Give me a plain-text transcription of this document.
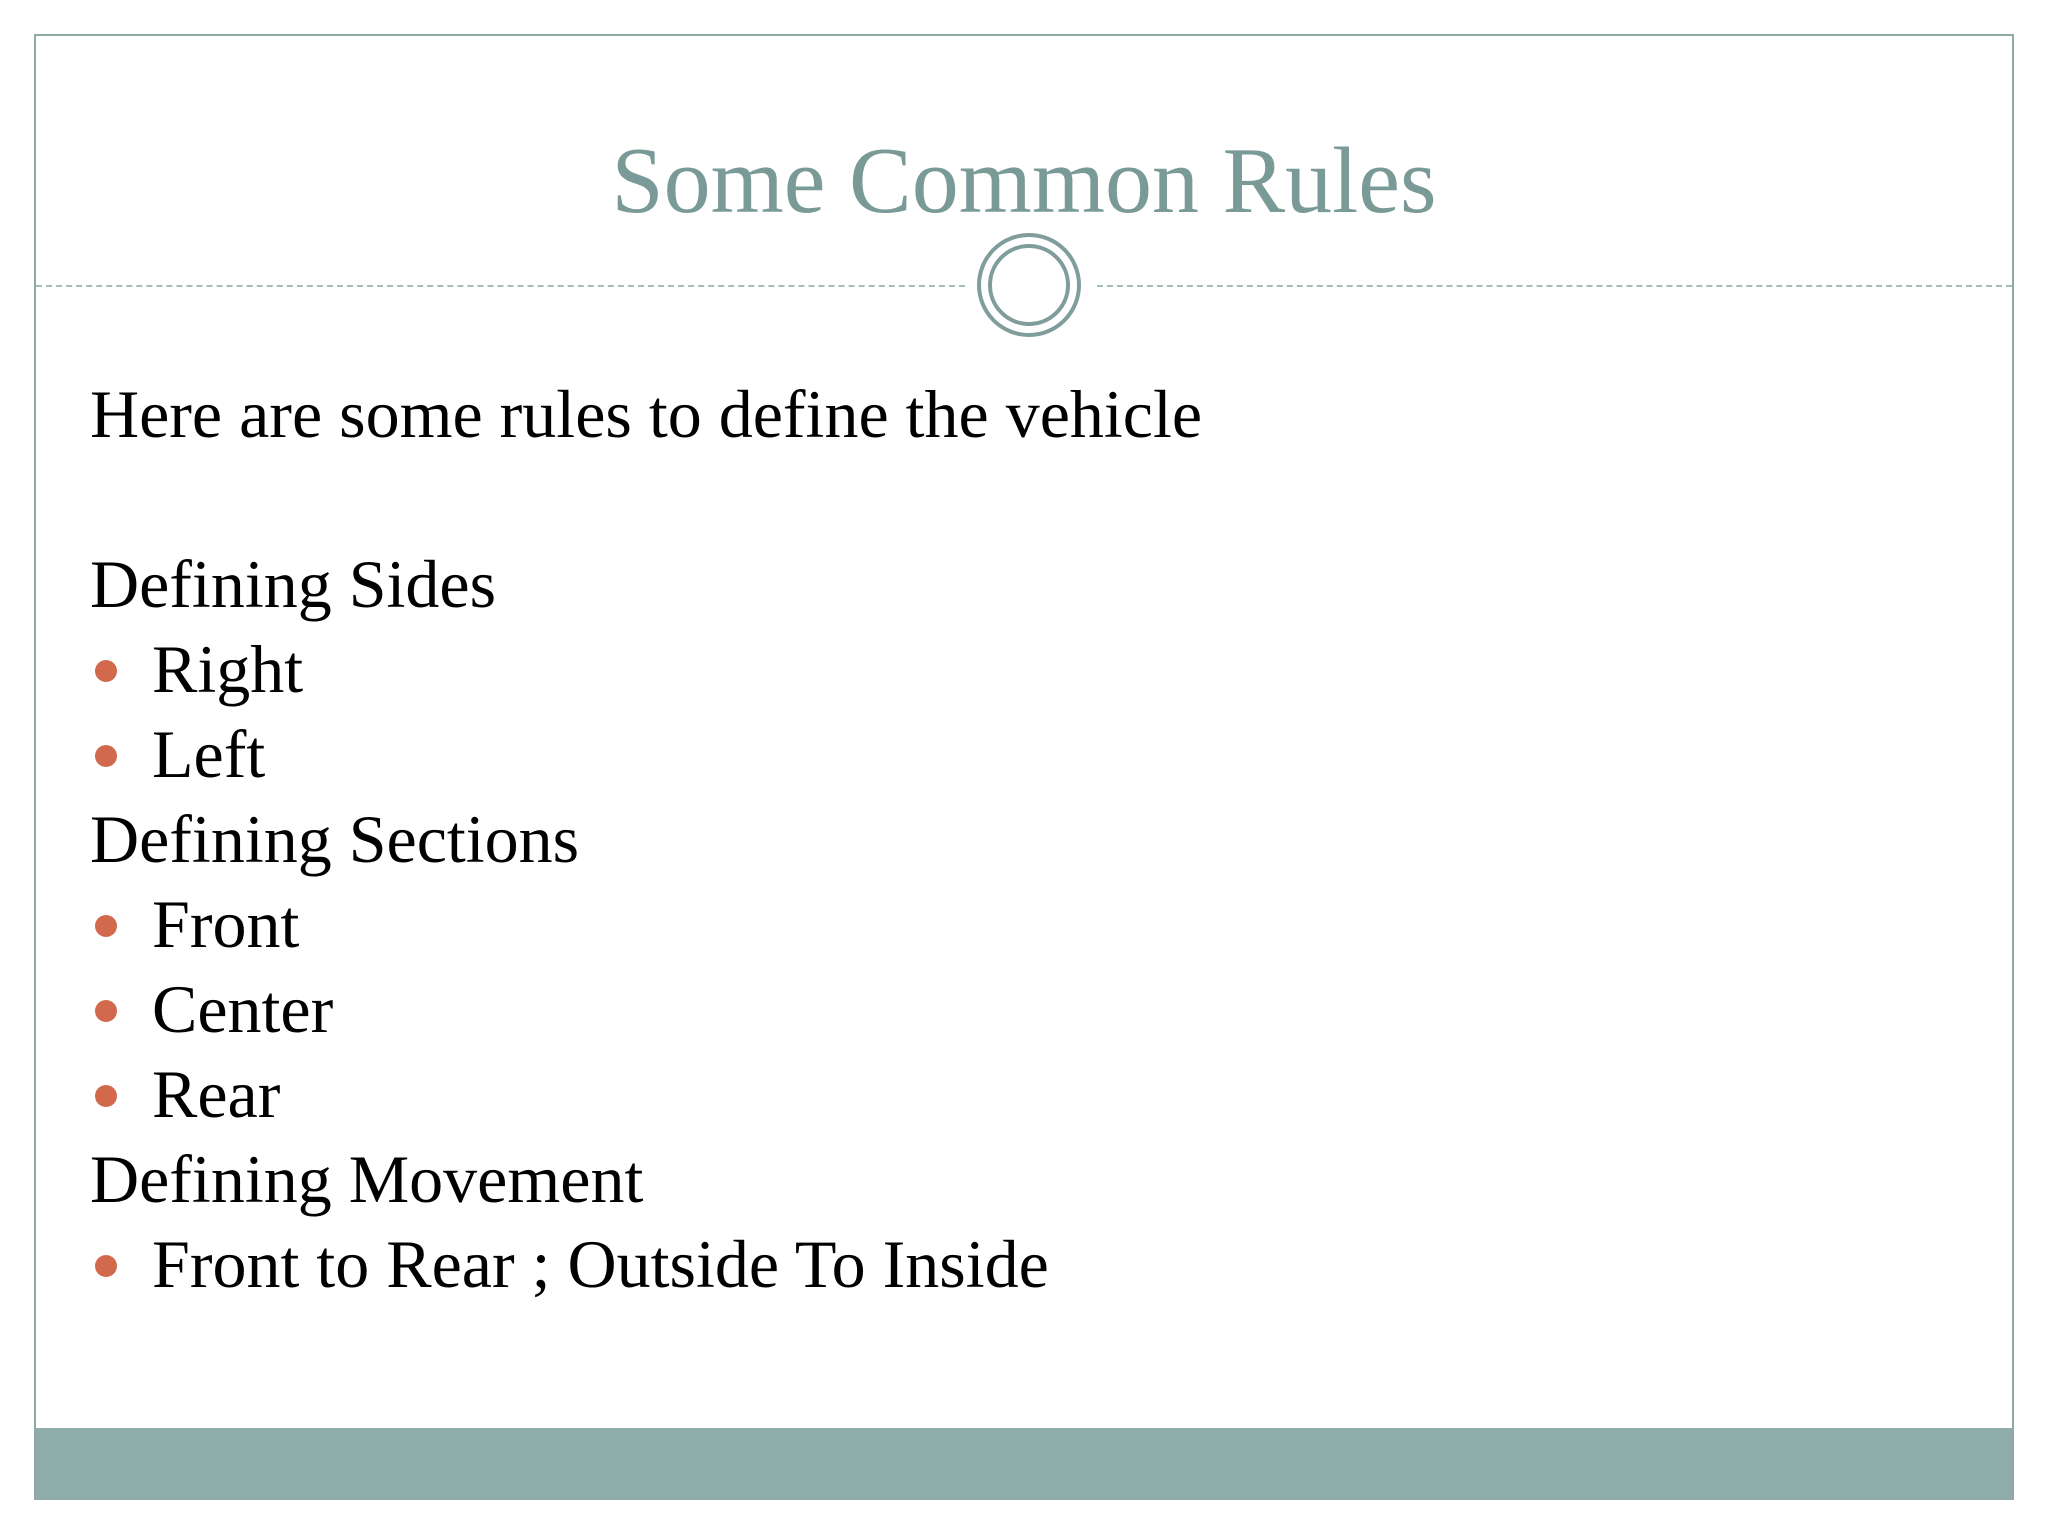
Some Common Rules
Here are some rules to define the vehicle
Defining Sides
Right
Left
Defining Sections
Front
Center
Rear
Defining Movement
Front to Rear ; Outside To Inside
